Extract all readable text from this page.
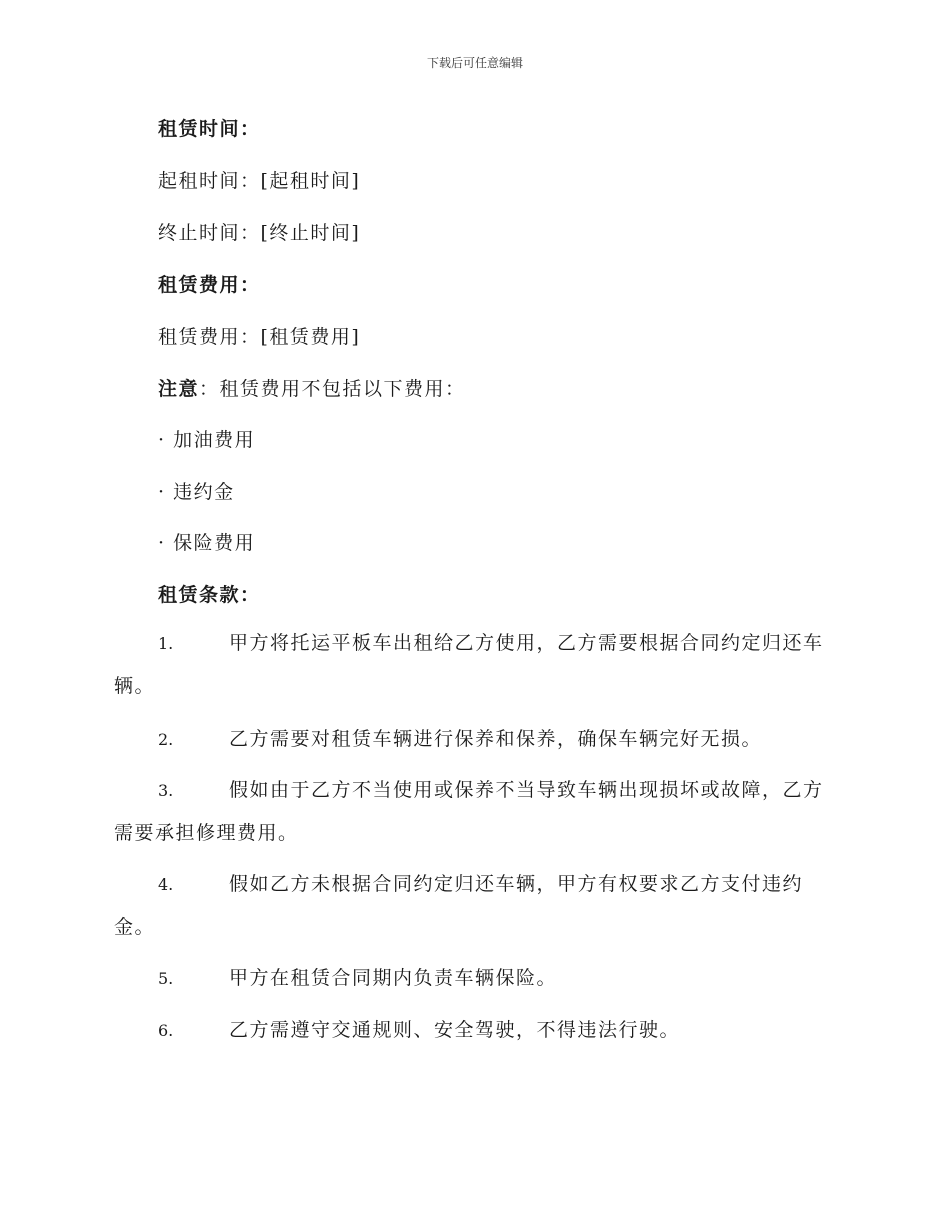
下载后可任意编辑
租赁时间：
起租时间：[起租时间]
终止时间：[终止时间]
租赁费用：
租赁费用：[租赁费用]
注意：租赁费用不包括以下费用：
· 加油费用
· 违约金
· 保险费用
租赁条款：
1.	甲方将托运平板车出租给乙方使用，乙方需要根据合同约定归还车辆。
2.	乙方需要对租赁车辆进行保养和保养，确保车辆完好无损。
3.	假如由于乙方不当使用或保养不当导致车辆出现损坏或故障，乙方需要承担修理费用。
4.	假如乙方未根据合同约定归还车辆，甲方有权要求乙方支付违约金。
5.	甲方在租赁合同期内负责车辆保险。
6.	乙方需遵守交通规则、安全驾驶，不得违法行驶。
